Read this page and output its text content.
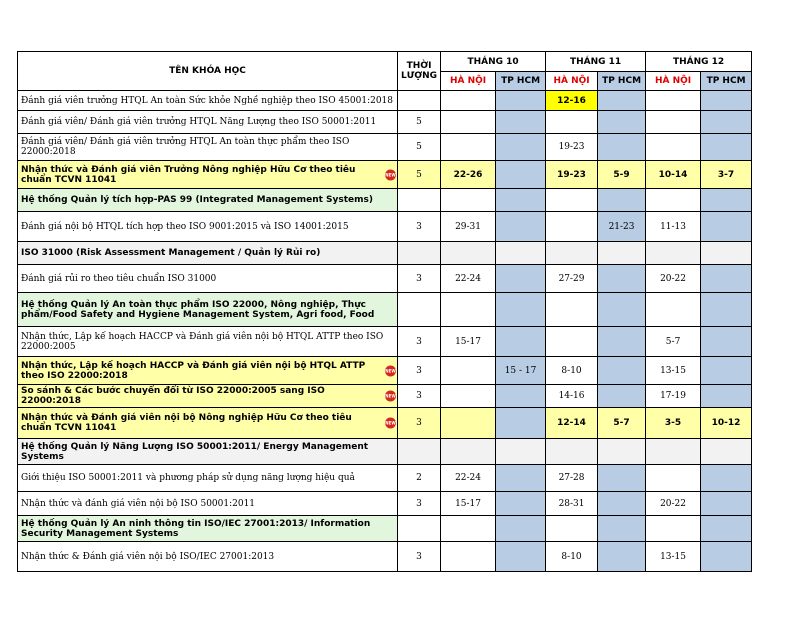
TÊN KHÓA HỌC	THỜI LƯỢNG	THÁNG 10		THÁNG 11		THÁNG 12	
		HÀ NỘI	TP HCM	HÀ NỘI	TP HCM	HÀ NỘI	TP HCM
Đánh giá viên trưởng HTQL An toàn Sức khỏe Nghề nghiệp theo ISO 45001:2018				12-16			
Đánh giá viên/ Đánh giá viên trưởng HTQL Năng Lượng theo ISO 50001:2011	5						
Đánh giá viên/ Đánh giá viên trưởng HTQL An toàn thực phẩm theo ISO 22000:2018	5			19-23			

Nhận thức và Đánh giá viên Trưởng Nông nghiệp Hữu Cơ theo tiêu chuẩn TCVN 11041 NEW	5	22-26		19-23	5-9	10-14	3-7
Hệ thống Quản lý tích hợp-PAS 99 (Integrated Management Systems)							
Đánh giá nội bộ HTQL tích hợp theo ISO 9001:2015 và ISO 14001:2015	3	29-31			21-23	11-13	
ISO 31000 (Risk Assessment Management / Quản lý Rủi ro)							
Đánh giá rủi ro theo tiêu chuẩn ISO 31000	3	22-24		27-29		20-22	
Hệ thống Quản lý An toàn thực phẩm ISO 22000, Nông nghiệp, Thực phẩm/Food Safety and Hygiene Management System, Agri food, Food							
Nhận thức, Lập kế hoạch HACCP và Đánh giá viên nội bộ HTQL ATTP theo ISO 22000:2005	3	15-17				5-7	

Nhận thức, Lập kế hoạch HACCP và Đánh giá viên nội bộ HTQL ATTP theo ISO 22000:2018 NEW	3		15 - 17	8-10		13-15	

So sánh & Các bước chuyển đổi từ ISO 22000:2005 sang ISO 22000:2018 NEW	3			14-16		17-19	

Nhận thức và Đánh giá viên nội bộ Nông nghiệp Hữu Cơ theo tiêu chuẩn TCVN 11041 NEW	3			12-14	5-7	3-5	10-12
Hệ thống Quản lý Năng Lượng ISO 50001:2011/ Energy Management Systems							
Giới thiệu ISO 50001:2011 và phương pháp sử dụng năng lượng hiệu quả	2	22-24		27-28			
Nhận thức và đánh giá viên nội bộ ISO 50001:2011	3	15-17		28-31		20-22	
Hệ thống Quản lý An ninh thông tin ISO/IEC 27001:2013/ Information Security Management Systems							
Nhận thức & Đánh giá viên nội bộ ISO/IEC 27001:2013	3			8-10		13-15	
